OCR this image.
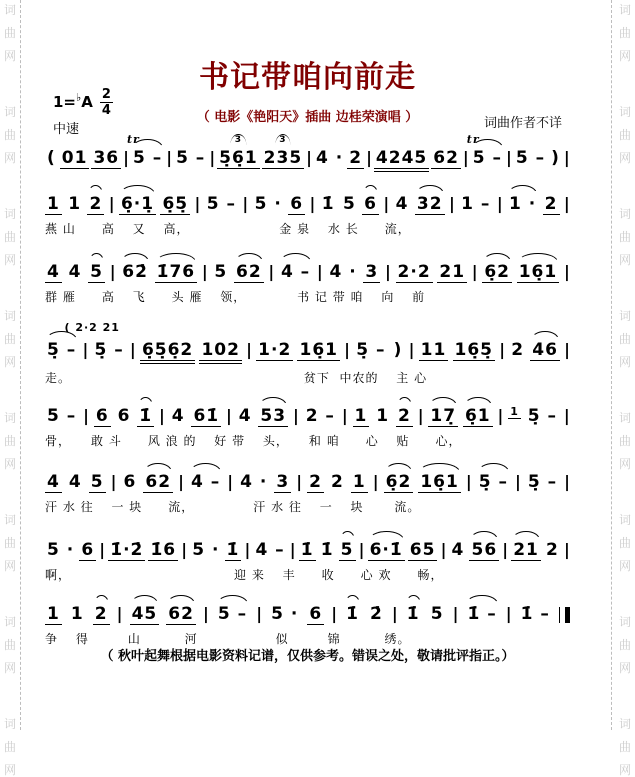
词
曲
网
词
曲
网
词
曲
网
词
曲
网
词
曲
网
词
曲
网
词
曲
网
词
曲
网
词
曲
网
词
曲
网
词
曲
网
词
曲
网
词
曲
网
词
曲
网
词
曲
网
词
曲
网
书记带咱向前走
（ 电影《艳阳天》插曲 边桂荣演唱 ）
$1=^♭A \frac{2}{4}$
中速	词曲作者不详
( 01 36 | 5 –
tr
| 5 – | 5̣6̣1
3
235
3
| 4 · 2 | 4245 62 | 5 –
tr
| 5 – ) |
1 1 2 | 6̣·1̣ 6̣5̣ | 5 – | 5 · 6 | 1̇ 5 6 | 4 32 | 1 – | 1 · 2 |
燕 山　　高　 又　 高，　　　　　　　 金 泉　 水 长　　流，
4 4 5 | 62̇ 1̇76 | 5 62 | 4 – | 4 · 3 | 2·2 21 | 6̣2 16̣1 |
群 雁　　高　 飞　　头 雁　 领，　　　　 书 记 带 咱　 向　 前
5̣ – | 5̣ –
( 2·2 21
| 6̣5̣6̣2 102 | 1·2 16̣1 | 5̣ – ) | 11 16̣5̣ | 2 46 |
走。　　　　　　　　　　　　　　　　　　 贫下  中农的　 主 心
5 – | 6 6 1̇ | 4 61̇ | 4 53 | 2 – | 1 1 2 | 17̣ 6̣1 | 1 5̣ – |
骨，　　敢 斗　　风 浪 的　 好 带　 头，　　和 咱　　心　 贴　　心，
4 4 5 | 6 62 | 4 – | 4 · 3 | 2 2 1 | 6̣2 16̣1 | 5̣ – | 5̣ – |
汗 水 往　 一 块　　流，　　　　　汗 水 往　 一　 块　　 流。
5 · 6 | 1̇·2̇ 1̇6 | 5 · 1̇ | 4 – | 1̇ 1̇ 5 | 6·1̇ 65 | 4 56 | 21 2 |
啊，　　　　　　　　　　　　　迎 来　 丰　　收　　心 欢　　畅，
1 1 2 | 45 62 | 5 – | 5 · 6 | 1̇ 2̇ | 1̇ 5 | 1̇ – | 1̇ –
争　 得　　　山　　　 河　　　　　　似　　　锦　　　 绣。
（ 秋叶起舞根据电影资料记谱，仅供参考。错误之处，敬请批评指正。）
